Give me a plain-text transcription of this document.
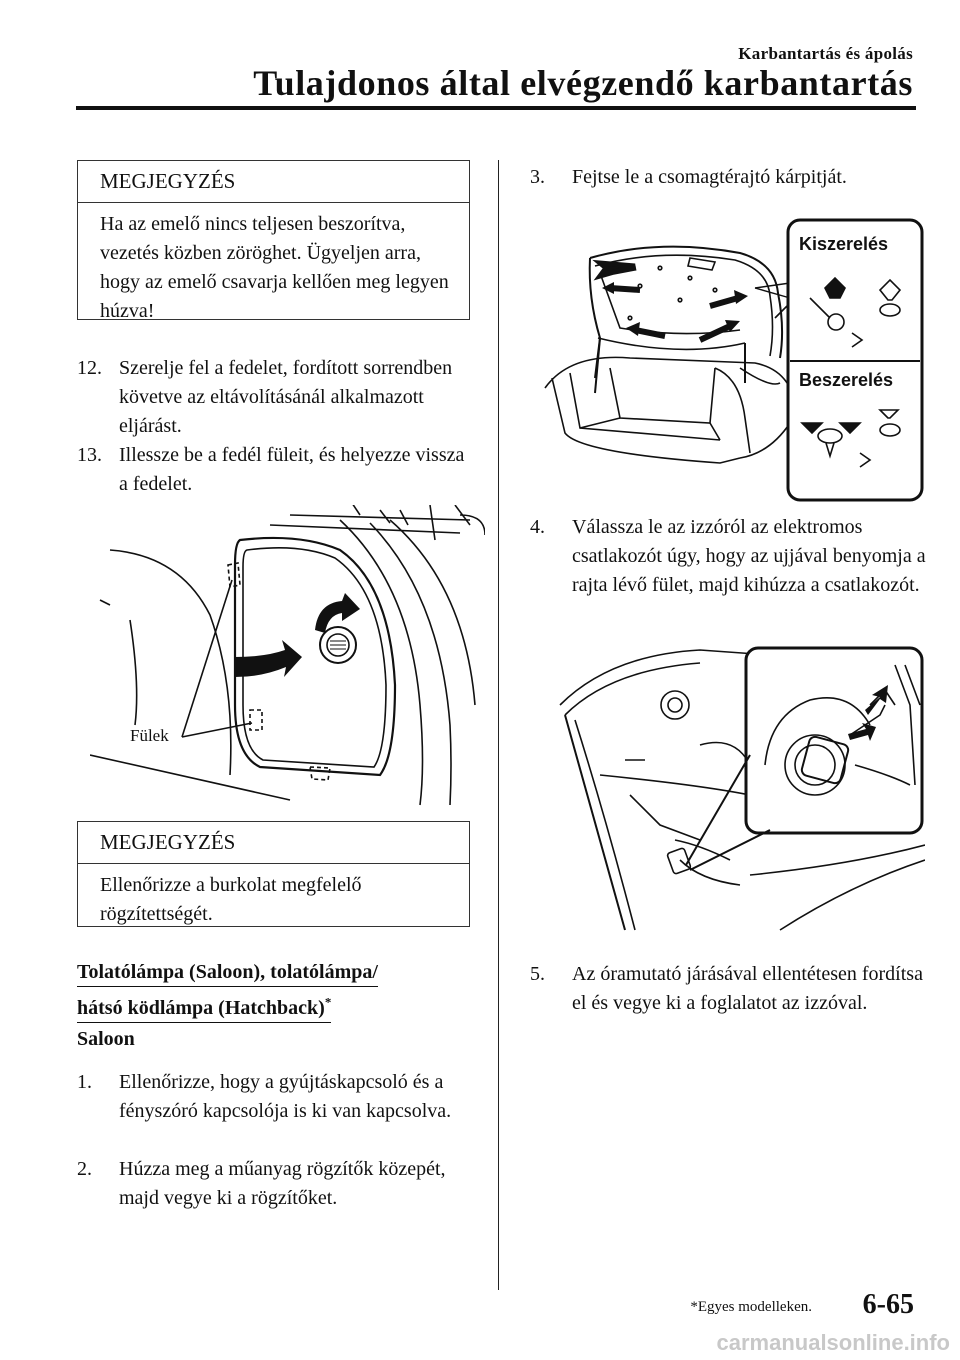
Karbantartás és ápolás
Tulajdonos által elvégzendő karbantartás
MEGJEGYZÉS
Ha az emelő nincs teljesen beszorítva, vezetés közben zöröghet. Ügyeljen arra, hogy az emelő csavarja kellően meg legyen húzva!
12. Szerelje fel a fedelet, fordított sorrendben követve az eltávolításánál alkalmazott eljárást.
13. Illessze be a fedél füleit, és helyezze vissza a fedelet.
Fülek
MEGJEGYZÉS
Ellenőrizze a burkolat megfelelő rögzítettségét.
Tolatólámpa (Saloon), tolatólámpa/
hátsó ködlámpa (Hatchback)*
Saloon
1.	Ellenőrizze, hogy a gyújtáskapcsoló és a fényszóró kapcsolója is ki van kapcsolva.
2.	Húzza meg a műanyag rögzítők közepét, majd vegye ki a rögzítőket.
3.	Fejtse le a csomagtérajtó kárpitját.
Kiszerelés
Beszerelés
4.	Válassza le az izzóról az elektromos csatlakozót úgy, hogy az ujjával benyomja a rajta lévő fület, majd kihúzza a csatlakozót.
5.	Az óramutató járásával ellentétesen fordítsa el és vegye ki a foglalatot az izzóval.
*Egyes modelleken. 6-65
carmanualsonline.info
